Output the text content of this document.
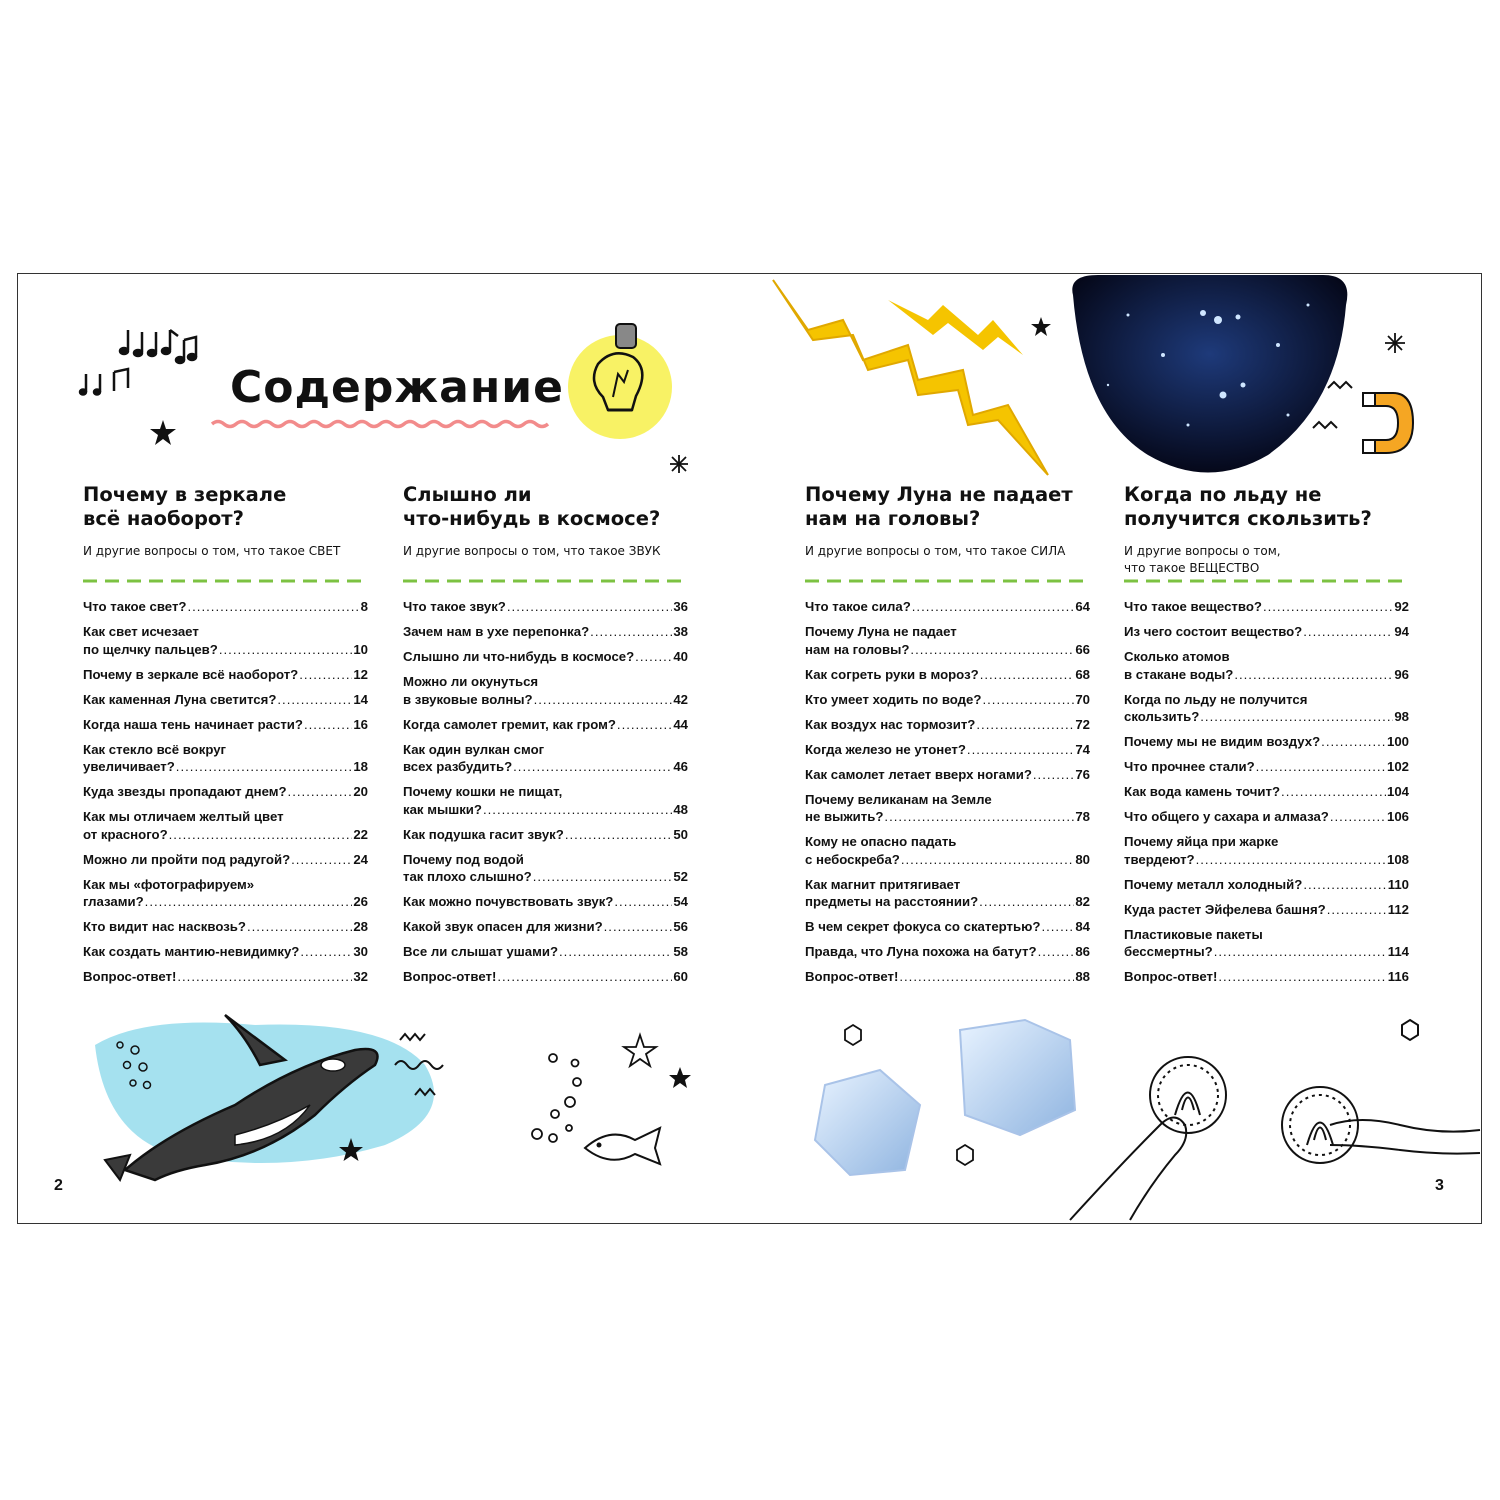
Содержание
Почему в зеркале
всё наоборот?
И другие вопросы о том, что такое СВЕТ
Слышно ли
что-нибудь в космосе?
И другие вопросы о том, что такое ЗВУК
Почему Луна не падает
нам на головы?
И другие вопросы о том, что такое СИЛА
Когда по льду не
получится скользить?
И другие вопросы о том,
что такое ВЕЩЕСТВО
Что такое свет? .....	8
Как свет исчезает
по щелчку пальцев? .....	10
Почему в зеркале всё наоборот? .....	12
Как каменная Луна светится? .....	14
Когда наша тень начинает расти? .....	16
Как стекло всё вокруг
увеличивает? .....	18
Куда звезды пропадают днем? .....	20
Как мы отличаем желтый цвет
от красного? .....	22
Можно ли пройти под радугой? .....	24
Как мы «фотографируем»
глазами? .....	26
Кто видит нас насквозь? .....	28
Как создать мантию-невидимку? .....	30
Вопрос-ответ! .....	32
Что такое звук? .....	36
Зачем нам в ухе перепонка? .....	38
Слышно ли что-нибудь в космосе? .....	40
Можно ли окунуться
в звуковые волны? .....	42
Когда самолет гремит, как гром? .....	44
Как один вулкан смог
всех разбудить? .....	46
Почему кошки не пищат,
как мышки? .....	48
Как подушка гасит звук? .....	50
Почему под водой
так плохо слышно? .....	52
Как можно почувствовать звук? .....	54
Какой звук опасен для жизни? .....	56
Все ли слышат ушами? .....	58
Вопрос-ответ! .....	60
Что такое сила? .....	64
Почему Луна не падает
нам на головы? .....	66
Как согреть руки в мороз? .....	68
Кто умеет ходить по воде? .....	70
Как воздух нас тормозит? .....	72
Когда железо не утонет? .....	74
Как самолет летает вверх ногами? .....	76
Почему великанам на Земле
не выжить? .....	78
Кому не опасно падать
с небоскреба? .....	80
Как магнит притягивает
предметы на расстоянии? .....	82
В чем секрет фокуса со скатертью? .....	84
Правда, что Луна похожа на батут? .....	86
Вопрос-ответ! .....	88
Что такое вещество? .....	92
Из чего состоит вещество? .....	94
Сколько атомов
в стакане воды? .....	96
Когда по льду не получится
скользить? .....	98
Почему мы не видим воздух? .....	100
Что прочнее стали? .....	102
Как вода камень точит? .....	104
Что общего у сахара и алмаза? .....	106
Почему яйца при жарке
твердеют? .....	108
Почему металл холодный? .....	110
Куда растет Эйфелева башня? .....	112
Пластиковые пакеты
бессмертны? .....	114
Вопрос-ответ! .....	116
2	3
